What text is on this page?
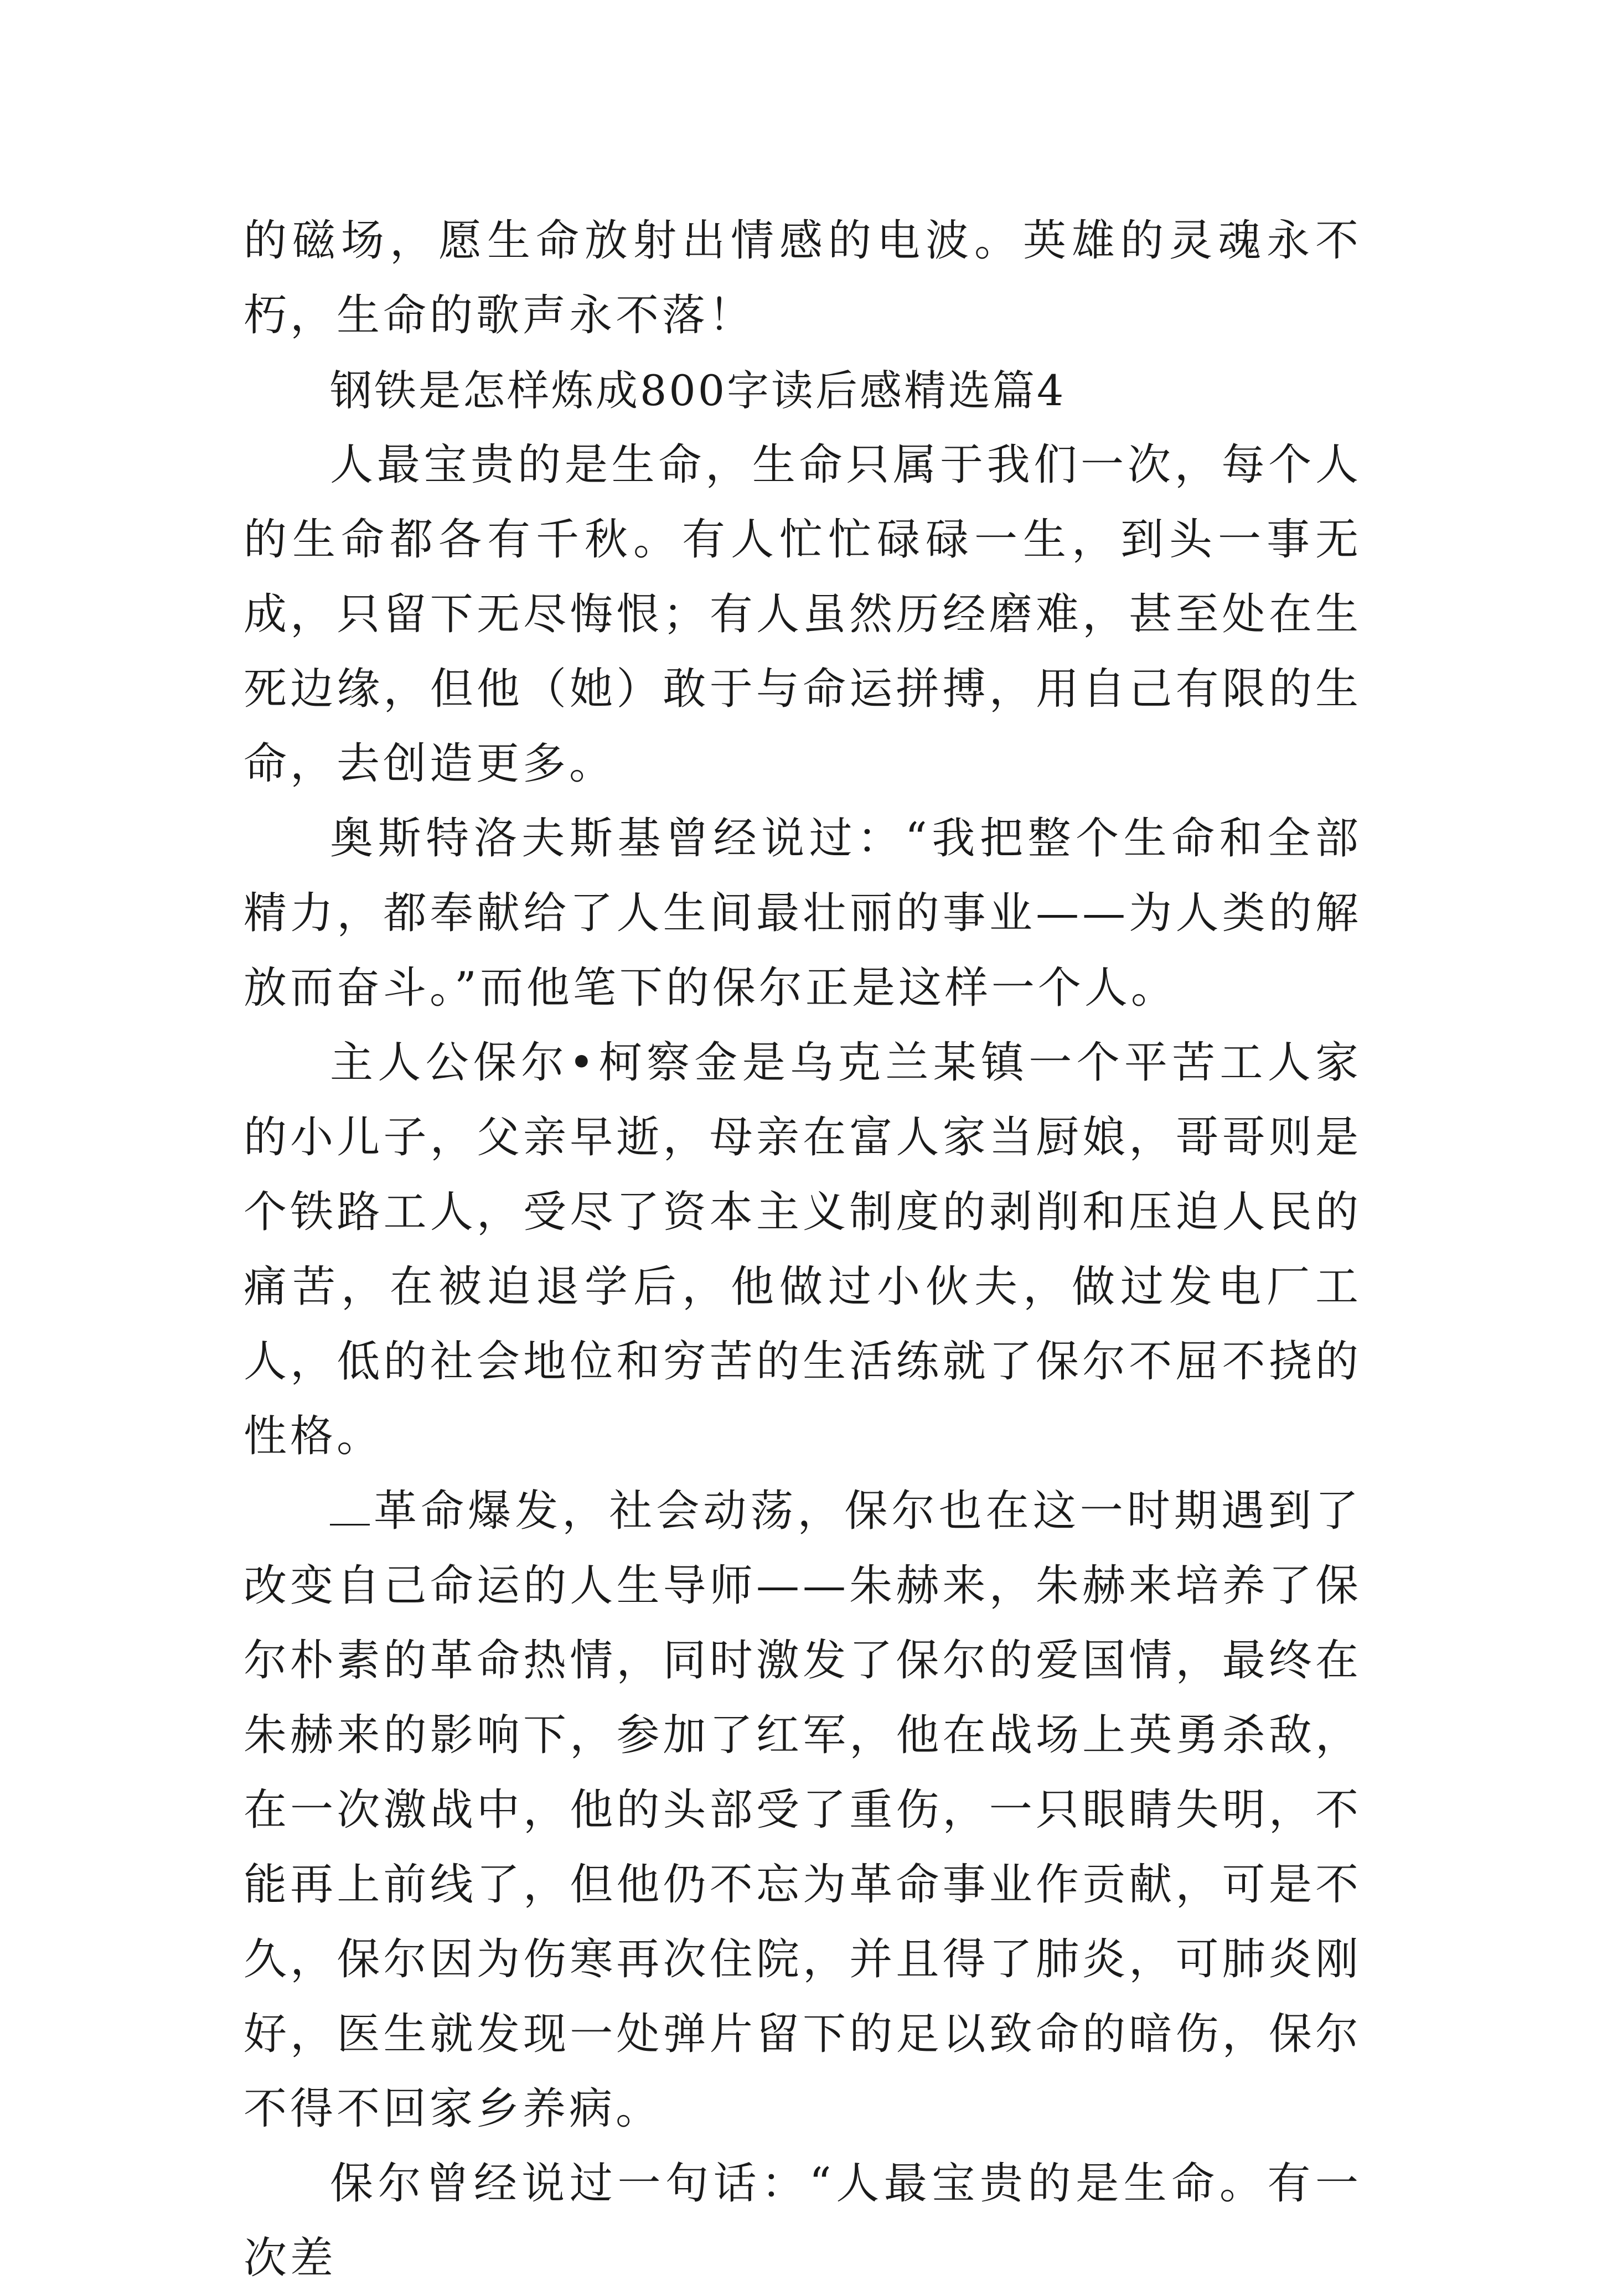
的磁场，愿生命放射出情感的电波。英雄的灵魂永不朽，生命的歌声永不落！

钢铁是怎样炼成800字读后感精选篇4

人最宝贵的是生命，生命只属于我们一次，每个人的生命都各有千秋。有人忙忙碌碌一生，到头一事无成，只留下无尽悔恨；有人虽然历经磨难，甚至处在生死边缘，但他（她）敢于与命运拼搏，用自己有限的生命，去创造更多。

奥斯特洛夫斯基曾经说过：“我把整个生命和全部精力，都奉献给了人生间最壮丽的事业——为人类的解放而奋斗。”而他笔下的保尔正是这样一个人。

主人公保尔•柯察金是乌克兰某镇一个平苦工人家的小儿子，父亲早逝，母亲在富人家当厨娘，哥哥则是个铁路工人，受尽了资本主义制度的剥削和压迫人民的痛苦，在被迫退学后，他做过小伙夫，做过发电厂工人，低的社会地位和穷苦的生活练就了保尔不屈不挠的性格。

革命爆发，社会动荡，保尔也在这一时期遇到了改变自己命运的人生导师——朱赫来，朱赫来培养了保尔朴素的革命热情，同时激发了保尔的爱国情，最终在朱赫来的影响下，参加了红军，他在战场上英勇杀敌，在一次激战中，他的头部受了重伤，一只眼睛失明，不能再上前线了，但他仍不忘为革命事业作贡献，可是不久，保尔因为伤寒再次住院，并且得了肺炎，可肺炎刚好，医生就发现一处弹片留下的足以致命的暗伤，保尔不得不回家乡养病。

保尔曾经说过一句话：“人最宝贵的是生命。有一次差
